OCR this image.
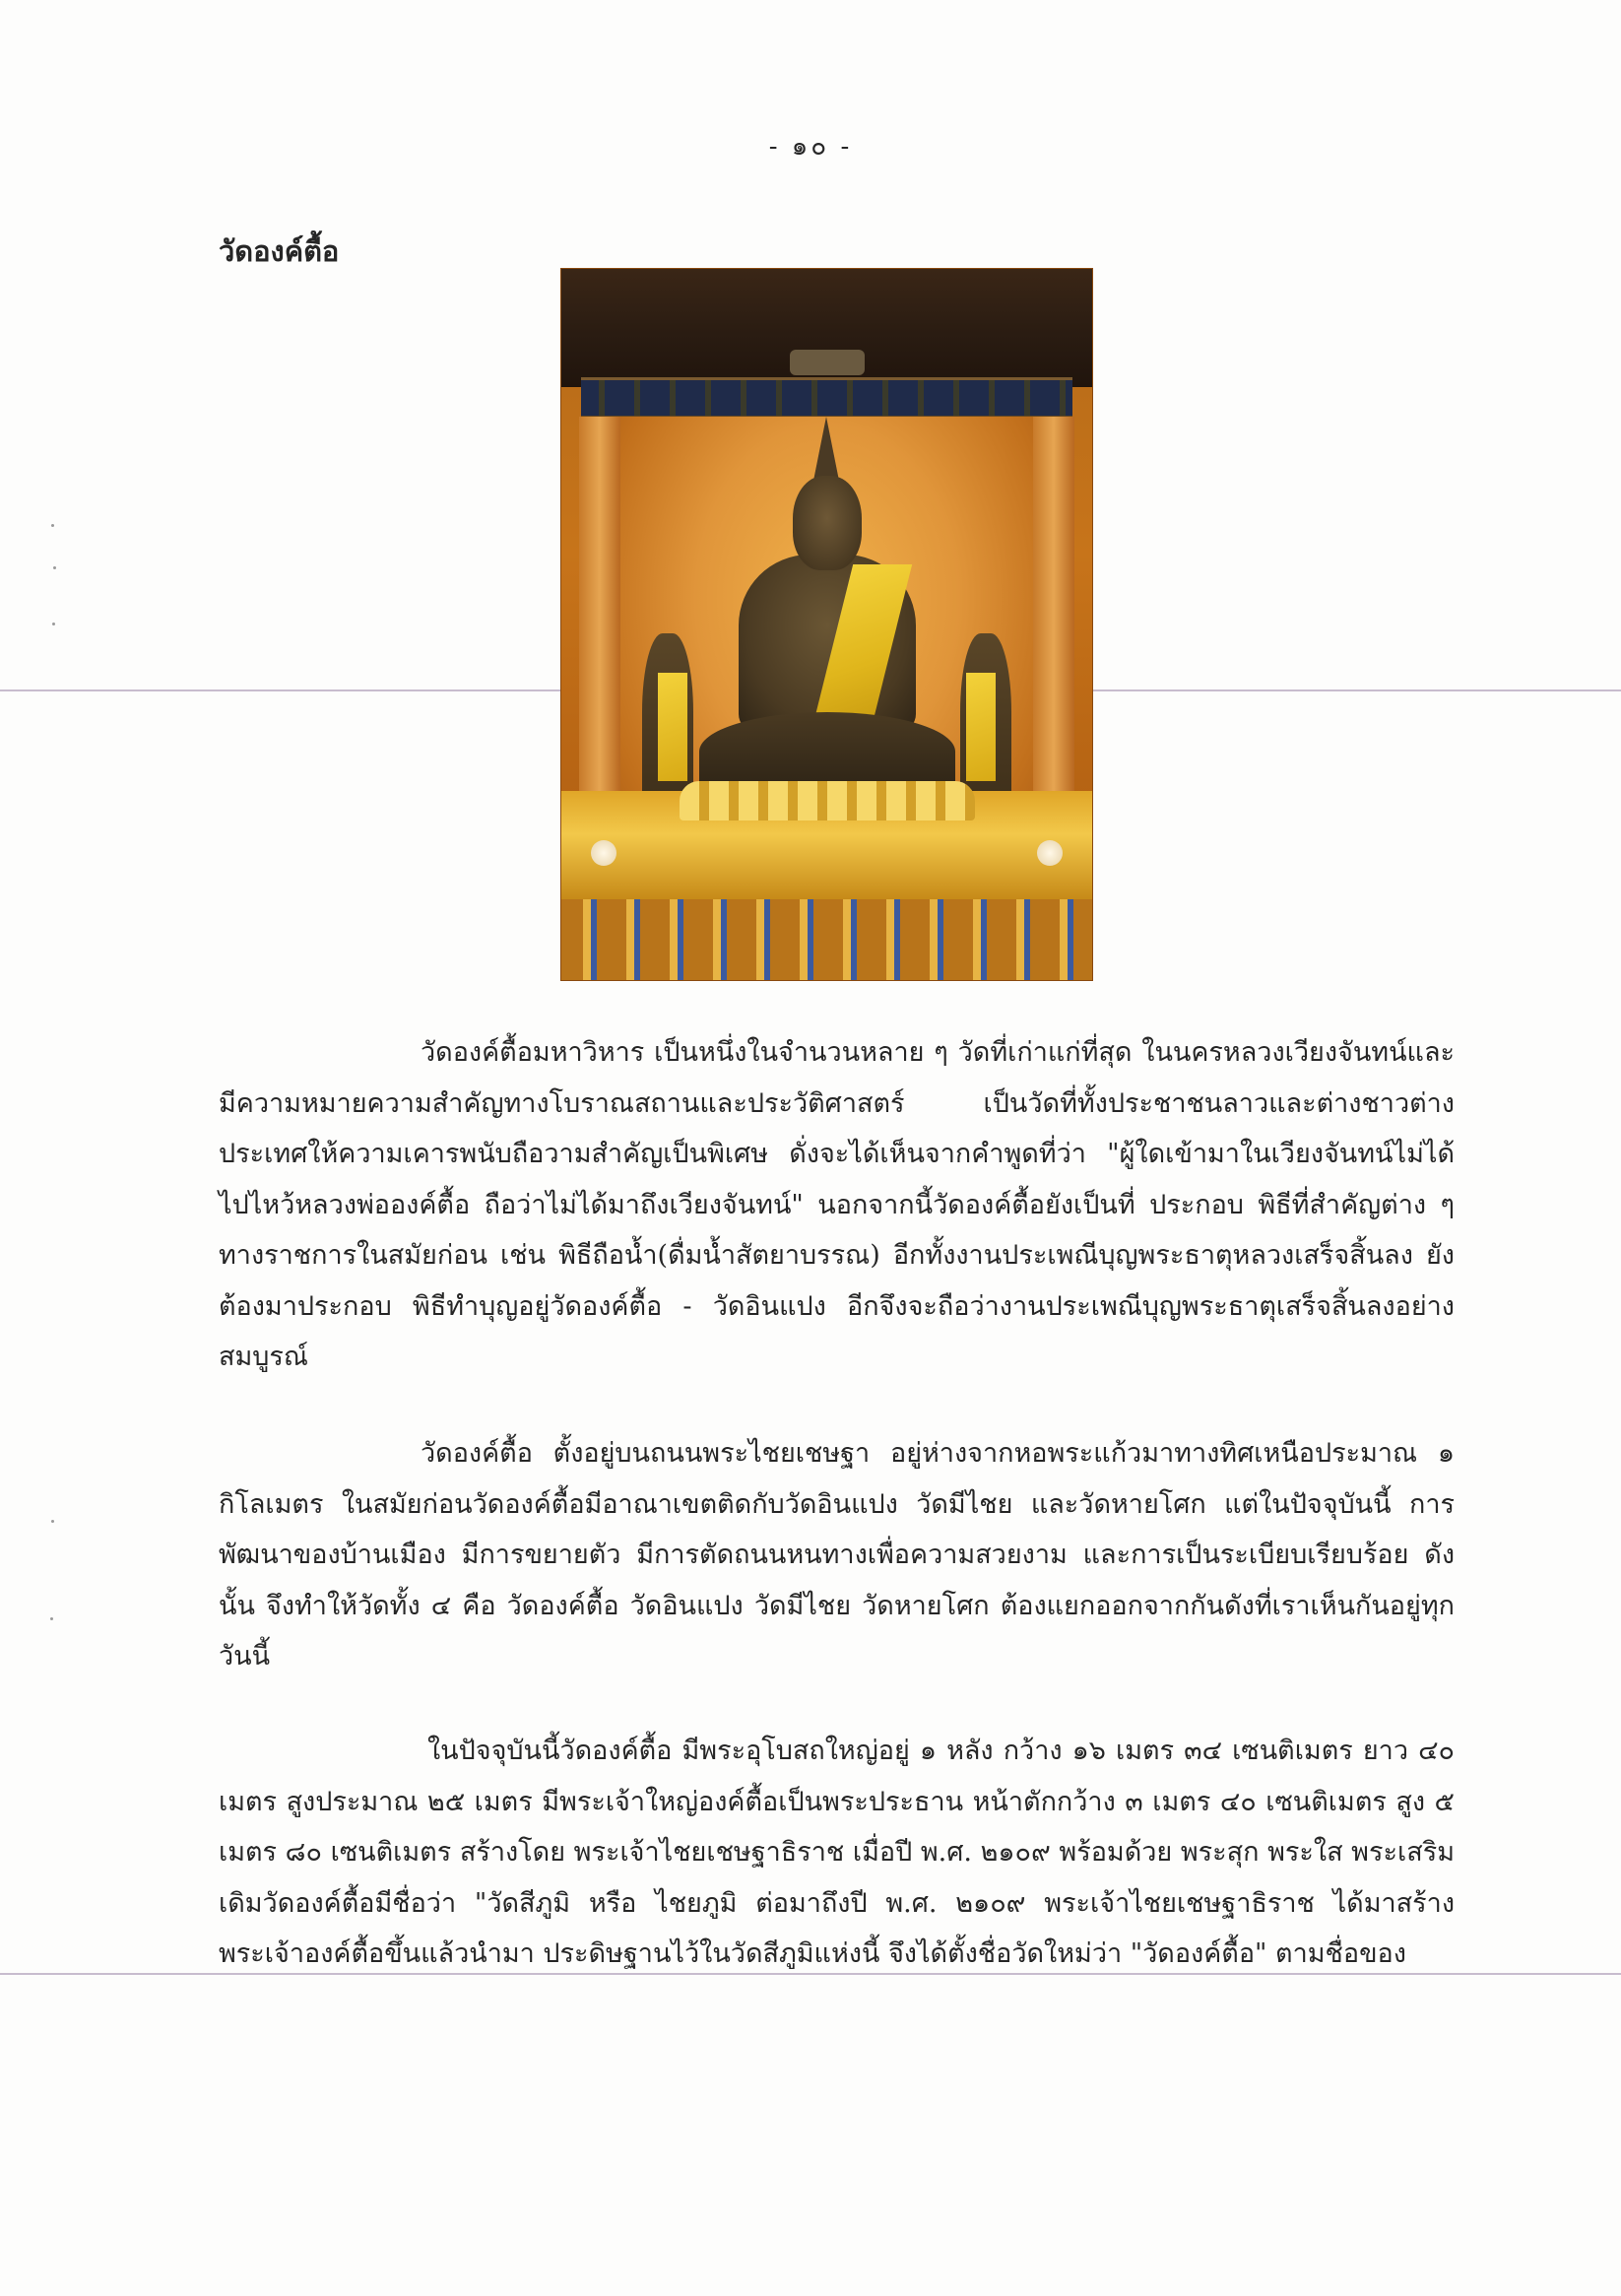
- ๑๐ -
วัดองค์ตื้อ

วัดองค์ตื้อมหาวิหาร เป็นหนึ่งในจำนวนหลาย ๆ วัดที่เก่าแก่ที่สุด ในนครหลวงเวียงจันทน์และมีความหมายความสำคัญทางโบราณสถานและประวัติศาสตร์ เป็นวัดที่ทั้งประชาชนลาวและต่างชาวต่างประเทศให้ความเคารพนับถือวามสำคัญเป็นพิเศษ ดั่งจะได้เห็นจากคำพูดที่ว่า "ผู้ใดเข้ามาในเวียงจันทน์ไม่ได้ไปไหว้หลวงพ่อองค์ตื้อ ถือว่าไม่ได้มาถึงเวียงจันทน์" นอกจากนี้วัดองค์ตื้อยังเป็นที่ ประกอบ พิธีที่สำคัญต่าง ๆทางราชการในสมัยก่อน เช่น พิธีถือน้ำ(ดื่มน้ำสัตยาบรรณ) อีกทั้งงานประเพณีบุญพระธาตุหลวงเสร็จสิ้นลง ยังต้องมาประกอบ พิธีทำบุญอยู่วัดองค์ตื้อ - วัดอินแปง อีกจึงจะถือว่างานประเพณีบุญพระธาตุเสร็จสิ้นลงอย่างสมบูรณ์

วัดองค์ตื้อ ตั้งอยู่บนถนนพระไชยเชษฐา อยู่ห่างจากหอพระแก้วมาทางทิศเหนือประมาณ ๑ กิโลเมตร ในสมัยก่อนวัดองค์ตื้อมีอาณาเขตติดกับวัดอินแปง วัดมีไชย และวัดหายโศก แต่ในปัจจุบันนี้ การพัฒนาของบ้านเมือง มีการขยายตัว มีการตัดถนนหนทางเพื่อความสวยงาม และการเป็นระเบียบเรียบร้อย ดังนั้น จึงทำให้วัดทั้ง ๔ คือ วัดองค์ตื้อ วัดอินแปง วัดมีไชย วัดหายโศก ต้องแยกออกจากกันดังที่เราเห็นกันอยู่ทุกวันนี้

ในปัจจุบันนี้วัดองค์ตื้อ มีพระอุโบสถใหญ่อยู่ ๑ หลัง กว้าง ๑๖ เมตร ๓๔ เซนติเมตร ยาว ๔๐ เมตร สูงประมาณ ๒๕ เมตร มีพระเจ้าใหญ่องค์ตื้อเป็นพระประธาน หน้าตักกว้าง ๓ เมตร ๔๐ เซนติเมตร สูง ๕ เมตร ๘๐ เซนติเมตร สร้างโดย พระเจ้าไชยเชษฐาธิราช เมื่อปี พ.ศ. ๒๑๐๙ พร้อมด้วย พระสุก พระใส พระเสริม เดิมวัดองค์ตื้อมีชื่อว่า "วัดสีภูมิ หรือ ไชยภูมิ ต่อมาถึงปี พ.ศ. ๒๑๐๙ พระเจ้าไชยเชษฐาธิราช ได้มาสร้างพระเจ้าองค์ตื้อขึ้นแล้วนำมา ประดิษฐานไว้ในวัดสีภูมิแห่งนี้ จึงได้ตั้งชื่อวัดใหม่ว่า "วัดองค์ตื้อ" ตามชื่อของ
